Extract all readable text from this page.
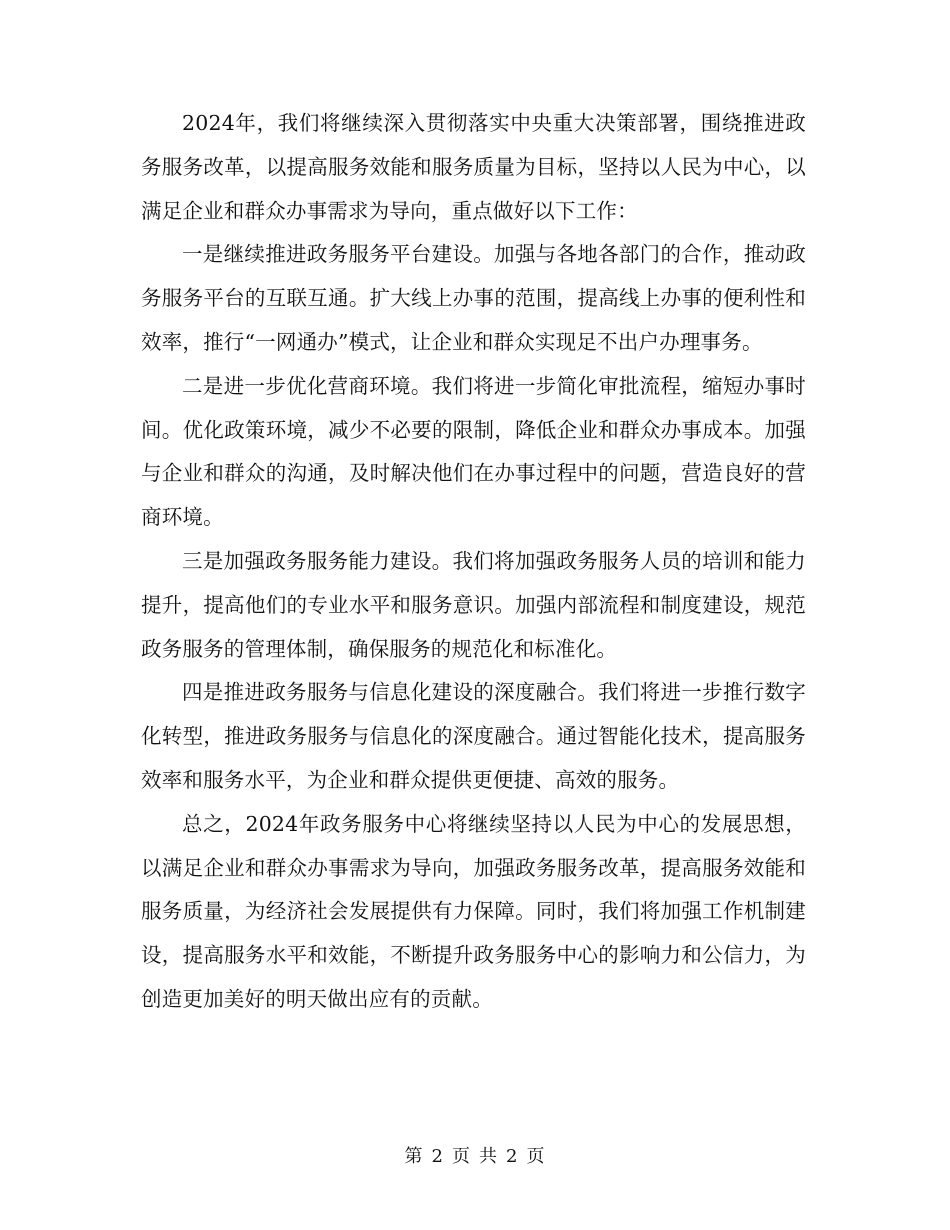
2024年，我们将继续深入贯彻落实中央重大决策部署，围绕推进政务服务改革，以提高服务效能和服务质量为目标，坚持以人民为中心，以满足企业和群众办事需求为导向，重点做好以下工作：

一是继续推进政务服务平台建设。加强与各地各部门的合作，推动政务服务平台的互联互通。扩大线上办事的范围，提高线上办事的便利性和效率，推行“一网通办”模式，让企业和群众实现足不出户办理事务。

二是进一步优化营商环境。我们将进一步简化审批流程，缩短办事时间。优化政策环境，减少不必要的限制，降低企业和群众办事成本。加强与企业和群众的沟通，及时解决他们在办事过程中的问题，营造良好的营商环境。

三是加强政务服务能力建设。我们将加强政务服务人员的培训和能力提升，提高他们的专业水平和服务意识。加强内部流程和制度建设，规范政务服务的管理体制，确保服务的规范化和标准化。

四是推进政务服务与信息化建设的深度融合。我们将进一步推行数字化转型，推进政务服务与信息化的深度融合。通过智能化技术，提高服务效率和服务水平，为企业和群众提供更便捷、高效的服务。

总之，2024年政务服务中心将继续坚持以人民为中心的发展思想，以满足企业和群众办事需求为导向，加强政务服务改革，提高服务效能和服务质量，为经济社会发展提供有力保障。同时，我们将加强工作机制建设，提高服务水平和效能，不断提升政务服务中心的影响力和公信力，为创造更加美好的明天做出应有的贡献。

第 2 页 共 2 页
